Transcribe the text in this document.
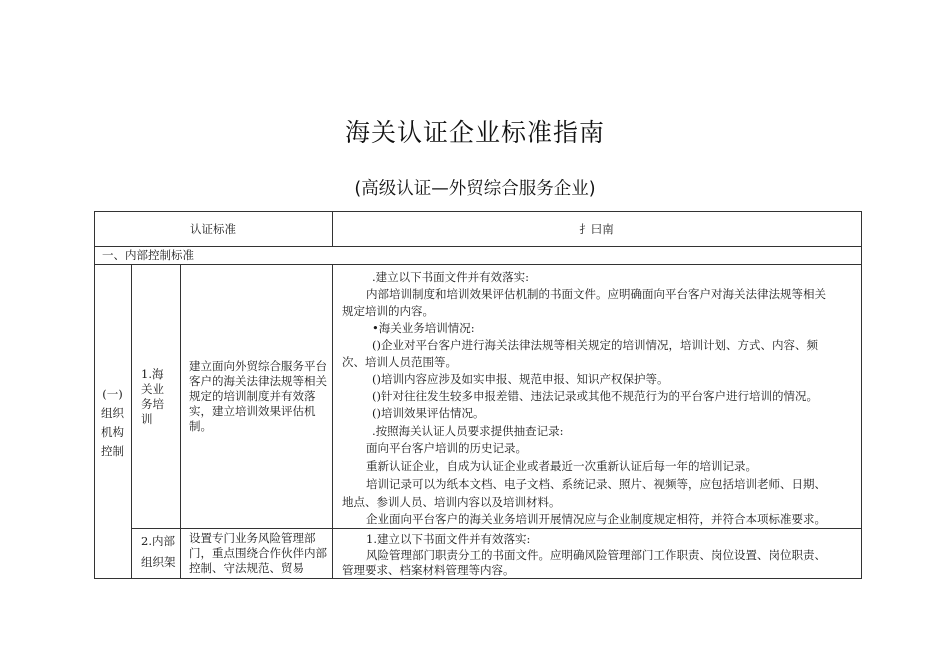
海关认证企业标准指南
(高级认证—外贸综合服务企业)
认证标准	扌曰南
一、内部控制标准
(一)
组织
机构
控制
1.海
关业
务培
训
建立面向外贸综合服务平台客户的海关法律法规等相关规定的培训制度并有效落实，建立培训效果评估机制。
.建立以下书面文件并有效落实:
内部培训制度和培训效果评估机制的书面文件。应明确面向平台客户对海关法律法规等相关
规定培训的内容。
•海关业务培训情况:
()企业对平台客户进行海关法律法规等相关规定的培训情况，培训计划、方式、内容、频
次、培训人员范围等。
()培训内容应涉及如实申报、规范申报、知识产权保护等。
()针对往往发生较多申报差错、违法记录或其他不规范行为的平台客户进行培训的情况。
()培训效果评估情况。
.按照海关认证人员要求提供抽查记录:
面向平台客户培训的历史记录。
重新认证企业，自成为认证企业或者最近一次重新认证后每一年的培训记录。
培训记录可以为纸本文档、电子文档、系统记录、照片、视频等，应包括培训老师、日期、
地点、参训人员、培训内容以及培训材料。
企业面向平台客户的海关业务培训开展情况应与企业制度规定相符，并符合本项标准要求。
2.内部
组织架
设置专门业务风险管理部门，重点围绕合作伙伴内部控制、守法规范、贸易
1.建立以下书面文件并有效落实:
风险管理部门职责分工的书面文件。应明确风险管理部门工作职责、岗位设置、岗位职责、
管理要求、档案材料管理等内容。
